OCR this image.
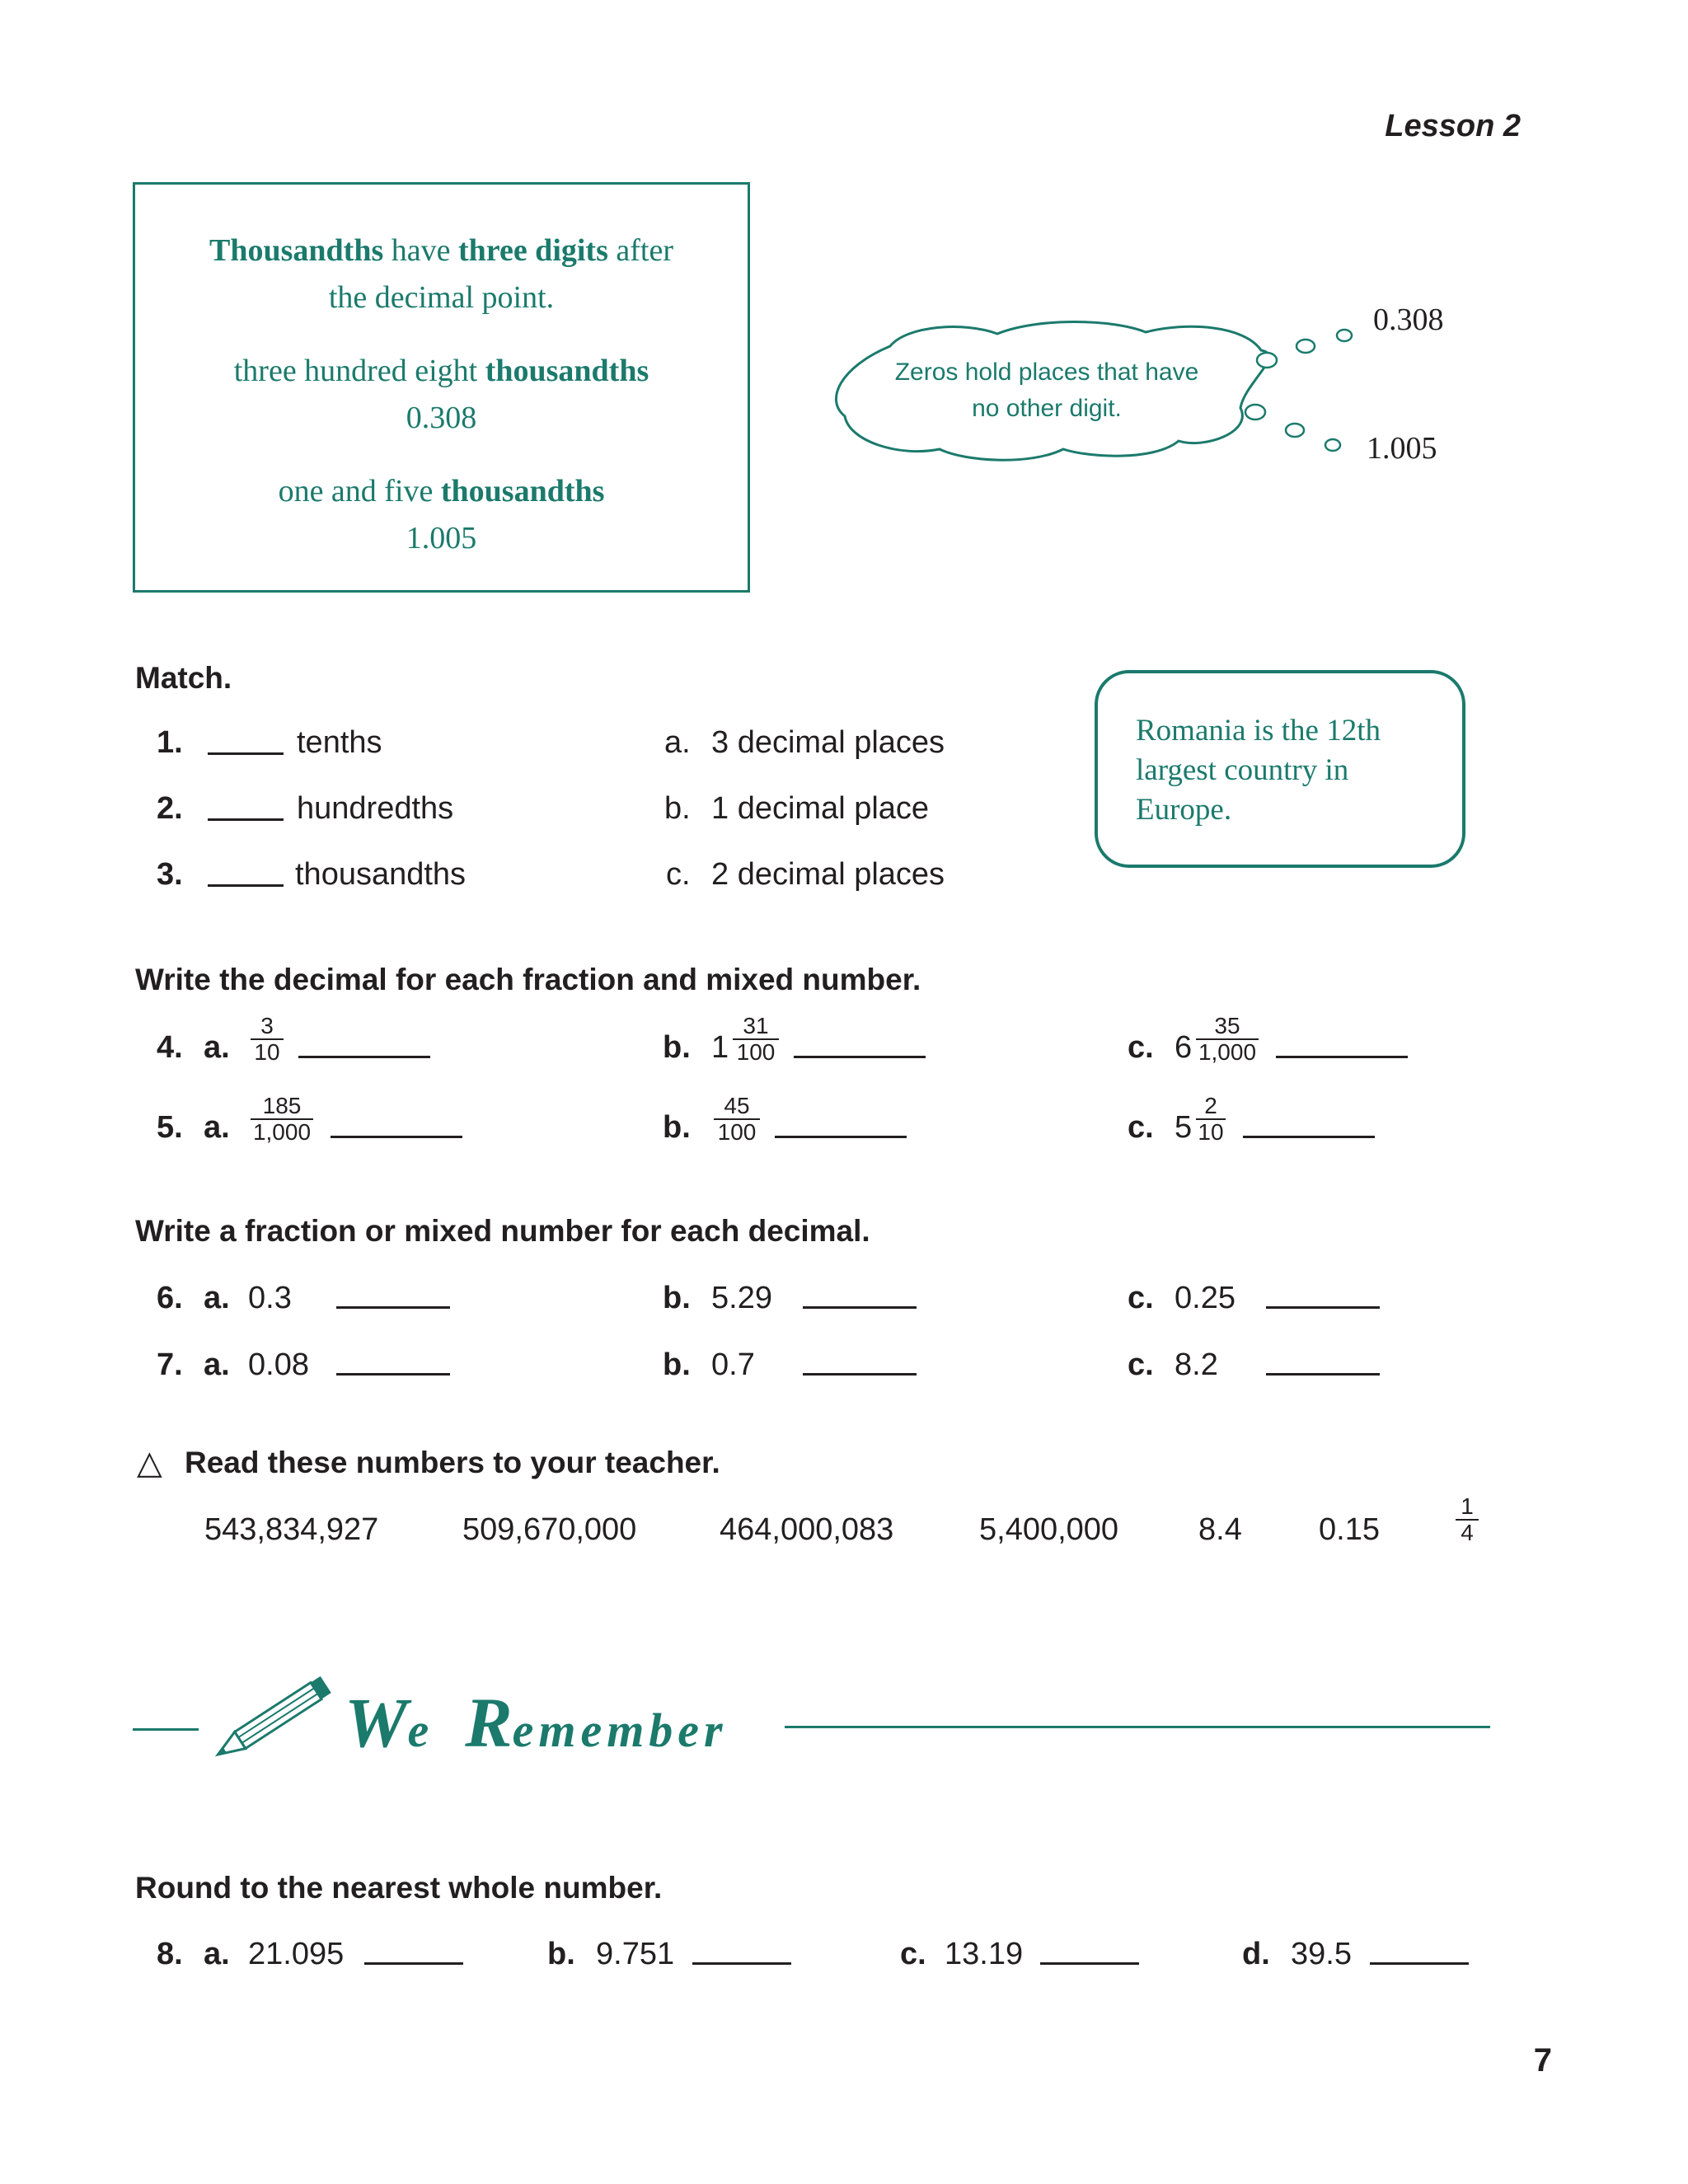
Lesson 2

Thousandths have three digits after

the decimal point.

three hundred eight thousandths

0.308

one and five thousandths

1.005

Zeros hold places that have
no other digit.
0.308
1.005
Match.
1.	tenths
2.	hundredths
3.	thousandths
a. 3 decimal places
b. 1 decimal place
c. 2 decimal places
Romania is the 12th
largest country in
Europe.
Write the decimal for each fraction and mixed number.
4. a. $\frac{3}{10}$	b. $1 \frac{31}{100}$	c. $6 \frac{35}{1,000}$
5. a. $\frac{185}{1,000}$	b. $\frac{45}{100}$	c. $5 \frac{2}{10}$
Write a fraction or mixed number for each decimal.
6. a. 0.3	b. 5.29	c. 0.25
7. a. 0.08	b. 0.7	c. 8.2
△ Read these numbers to your teacher.
543,834,927	509,670,000	464,000,083	5,400,000	8.4 0.15	$\frac{1}{4}$
We Remember
Round to the nearest whole number.
8. a. 21.095	b. 9.751	c. 13.19	d. 39.5
7
